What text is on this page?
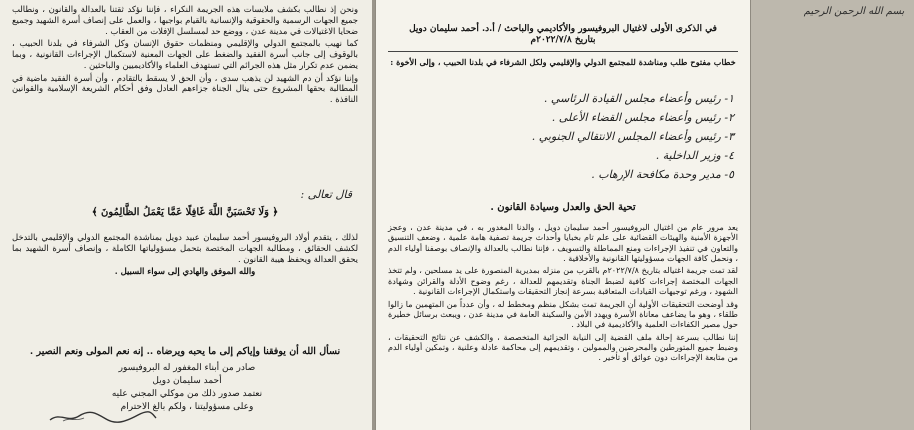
ونحن إذ نطالب بكشف ملابسات هذه الجريمة النكراء ، فإننا نؤكد ثقتنا بالعدالة والقانون ، ونطالب جميع الجهات الرسمية والحقوقية والإنسانية بالقيام بواجبها ، والعمل على إنصاف أسرة الشهيد وجميع ضحايا الاغتيالات في مدينة عدن ، ووضع حد لمسلسل الإفلات من العقاب .

كما نهيب بالمجتمع الدولي والإقليمي ومنظمات حقوق الإنسان وكل الشرفاء في بلدنا الحبيب ، بالوقوف إلى جانب أسرة الفقيد والضغط على الجهات المعنية لاستكمال الإجراءات القانونية ، وبما يضمن عدم تكرار مثل هذه الجرائم التي تستهدف العلماء والأكاديميين والباحثين .

وإننا نؤكد أن دم الشهيد لن يذهب سدى ، وأن الحق لا يسقط بالتقادم ، وأن أسرة الفقيد ماضية في المطالبة بحقها المشروع حتى ينال الجناة جزاءهم العادل وفق أحكام الشريعة الإسلامية والقوانين النافذة .

قال تعالى :
﴿ وَلَا تَحْسَبَنَّ اللَّهَ غَافِلًا عَمَّا يَعْمَلُ الظَّالِمُونَ ﴾

لذلك ، يتقدم أولاد البروفيسور أحمد سليمان عبيد دويل بمناشدة المجتمع الدولي والإقليمي بالتدخل لكشف الحقائق ، ومطالبة الجهات المختصة بتحمل مسؤولياتها الكاملة ، وإنصاف أسرة الشهيد بما يحقق العدالة ويحفظ هيبة القانون .

والله الموفق والهادي إلى سواء السبيل .

نسأل الله أن يوفقنا وإياكم إلى ما يحبه ويرضاه .. إنه نعم المولى ونعم النصير .
صادر من أبناء المغفور له البروفيسور
أحمد سليمان دويل
نعتمد صدور ذلك من موكلي المجني عليه
وعلى مسؤوليتنا ، ولكم بالغ الاحترام
بسم الله الرحمن الرحيم

في الذكرى الأولى لاغتيال البروفيسور والأكاديمي والباحث / أ.د. أحمد سليمان دويل

بتاريخ ٢٠٢٢/٧/٨م

خطاب مفتوح طلب ومناشدة للمجتمع الدولي والإقليمي ولكل الشرفاء في بلدنا الحبيب ، وإلى الأخوة :

١- رئيس وأعضاء مجلس القيادة الرئاسي .
٢- رئيس وأعضاء مجلس القضاء الأعلى .
٣- رئيس وأعضاء المجلس الانتقالي الجنوبي .
٤- وزير الداخلية .
٥- مدير وحدة مكافحة الإرهاب .
تحية الحق والعدل وسيادة القانون .

يعد مرور عام من اغتيال البروفيسور أحمد سليمان دويل ، والدنا المغدور به ، في مدينة عدن ، وعجز الأجهزة الأمنية والهيئات القضائية على علم تام بخبايا وأحداث جريمة تصفية هامة علمية ، وضعف التنسيق والتعاون في تنفيذ الإجراءات ومنع المماطلة والتسويف ، فإننا نطالب بالعدالة والإنصاف بوصفنا أولياء الدم ، ونحمل كافة الجهات مسؤوليتها القانونية والأخلاقية .

لقد تمت جريمة اغتياله بتاريخ ٢٠٢٢/٧/٨م بالقرب من منزله بمديرية المنصورة على يد مسلحين ، ولم تتخذ الجهات المختصة إجراءات كافية لضبط الجناة وتقديمهم للعدالة ، رغم وضوح الأدلة والقرائن وشهادة الشهود ، ورغم توجيهات القيادات المتعاقبة بسرعة إنجاز التحقيقات واستكمال الإجراءات القانونية .

وقد أوضحت التحقيقات الأولية أن الجريمة تمت بشكل منظم ومخطط له ، وأن عدداً من المتهمين ما زالوا طلقاء ، وهو ما يضاعف معاناة الأسرة ويهدد الأمن والسكينة العامة في مدينة عدن ، ويبعث برسائل خطيرة حول مصير الكفاءات العلمية والأكاديمية في البلاد .

إننا نطالب بسرعة إحالة ملف القضية إلى النيابة الجزائية المتخصصة ، والكشف عن نتائج التحقيقات ، وضبط جميع المتورطين والمحرضين والممولين ، وتقديمهم إلى محاكمة عادلة وعلنية ، وتمكين أولياء الدم من متابعة الإجراءات دون عوائق أو تأخير .
